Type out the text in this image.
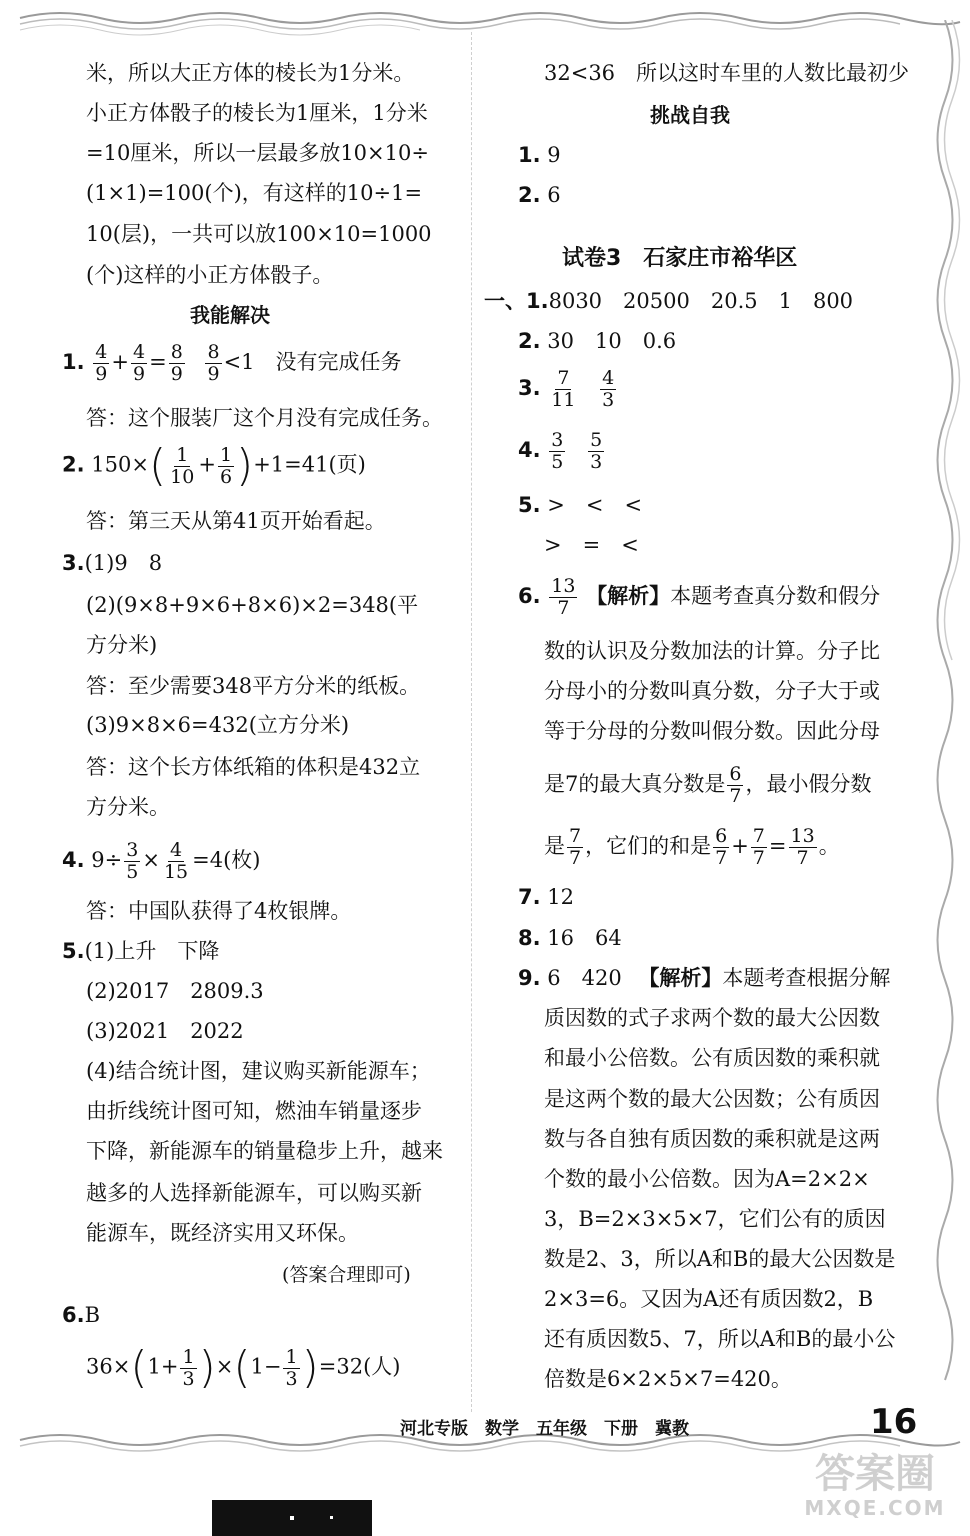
米，所以大正方体的棱长为1分米。
小正方体骰子的棱长为1厘米，1分米
=10厘米，所以一层最多放10×10÷
(1×1)=100(个)，有这样的10÷1=
10(层)，一共可以放100×10=1000
(个)这样的小正方体骰子。
我能解决
1. $\frac{4}{9} + \frac{4}{9} = \frac{8}{9}$
$\frac{8}{9} <1$　没有完成任务
答：这个服装厂这个月没有完成任务。
2. $150\times( \frac{1}{10} + \frac{1}{6} )+1=41$(页)
答：第三天从第41页开始看起。
3.(1)9　8
(2)(9×8+9×6+8×6)×2=348(平
方分米)
答：至少需要348平方分米的纸板。
(3)9×8×6=432(立方分米)
答：这个长方体纸箱的体积是432立
方分米。
4. $9\div \frac{3}{5} \times \frac{4}{15} =4$(枚)
答：中国队获得了4枚银牌。
5.(1)上升　下降
(2)2017　2809.3
(3)2021　2022
(4)结合统计图，建议购买新能源车；
由折线统计图可知，燃油车销量逐步
下降，新能源车的销量稳步上升，越来
越多的人选择新能源车，可以购买新
能源车，既经济实用又环保。
(答案合理即可)
6.B
$36\times(1+ \frac{1}{3} )\times(1- \frac{1}{3} )=32$(人)
32<36　所以这时车里的人数比最初少
挑战自我
1. 9
2. 6
试卷3　石家庄市裕华区
一、1.8030　20500　20.5　1　800
2. 30　10　0.6
3. $\frac{7}{11}$
$\frac{4}{3}$
4. $\frac{3}{5}$
$\frac{5}{3}$
5. >　<　<
>　=　<
6. $\frac{13}{7}$ 【解析】本题考查真分数和假分
数的认识及分数加法的计算。分子比
分母小的分数叫真分数，分子大于或
等于分母的分数叫假分数。因此分母
是7的最大真分数是 $\frac{6}{7}$ ，最小假分数
是 $\frac{7}{7}$ ，它们的和是 $\frac{6}{7} + \frac{7}{7} = \frac{13}{7}$ 。
7. 12
8. 16　64
9. 6　420 【解析】本题考查根据分解
质因数的式子求两个数的最大公因数
和最小公倍数。公有质因数的乘积就
是这两个数的最大公因数；公有质因
数与各自独有质因数的乘积就是这两
个数的最小公倍数。因为A=2×2×
3，B=2×3×5×7，它们公有的质因
数是2、3，所以A和B的最大公因数是
2×3=6。又因为A还有质因数2，B
还有质因数5、7，所以A和B的最小公
倍数是6×2×5×7=420。
河北专版　数学　五年级　下册　冀教	16
答案圈
MXQE.COM
